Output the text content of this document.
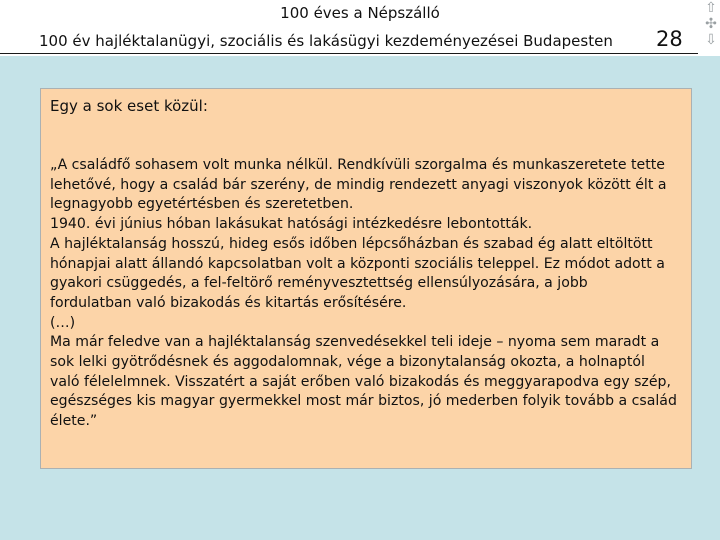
100 éves a Népszálló
100 év hajléktalanügyi, szociális és lakásügyi kezdeményezései Budapesten 28
⇧
✣
⇩
Egy a sok eset közül:

„A családfő sohasem volt munka nélkül. Rendkívüli szorgalma és munkaszeretete tette

lehetővé, hogy a család bár szerény, de mindig rendezett anyagi viszonyok között élt a

legnagyobb egyetértésben és szeretetben.

1940. évi június hóban lakásukat hatósági intézkedésre lebontották.

A hajléktalanság hosszú, hideg esős időben lépcsőházban és szabad ég alatt eltöltött

hónapjai alatt állandó kapcsolatban volt a központi szociális teleppel. Ez módot adott a

gyakori csüggedés, a fel-feltörő reményvesztettség ellensúlyozására, a jobb

fordulatban való bizakodás és kitartás erősítésére.

(…)

Ma már feledve van a hajléktalanság szenvedésekkel teli ideje – nyoma sem maradt a

sok lelki gyötrődésnek és aggodalomnak, vége a bizonytalanság okozta, a holnaptól

való félelelmnek. Visszatért a saját erőben való bizakodás és meggyarapodva egy szép,

egészséges kis magyar gyermekkel most már biztos, jó mederben folyik tovább a család

élete.”
